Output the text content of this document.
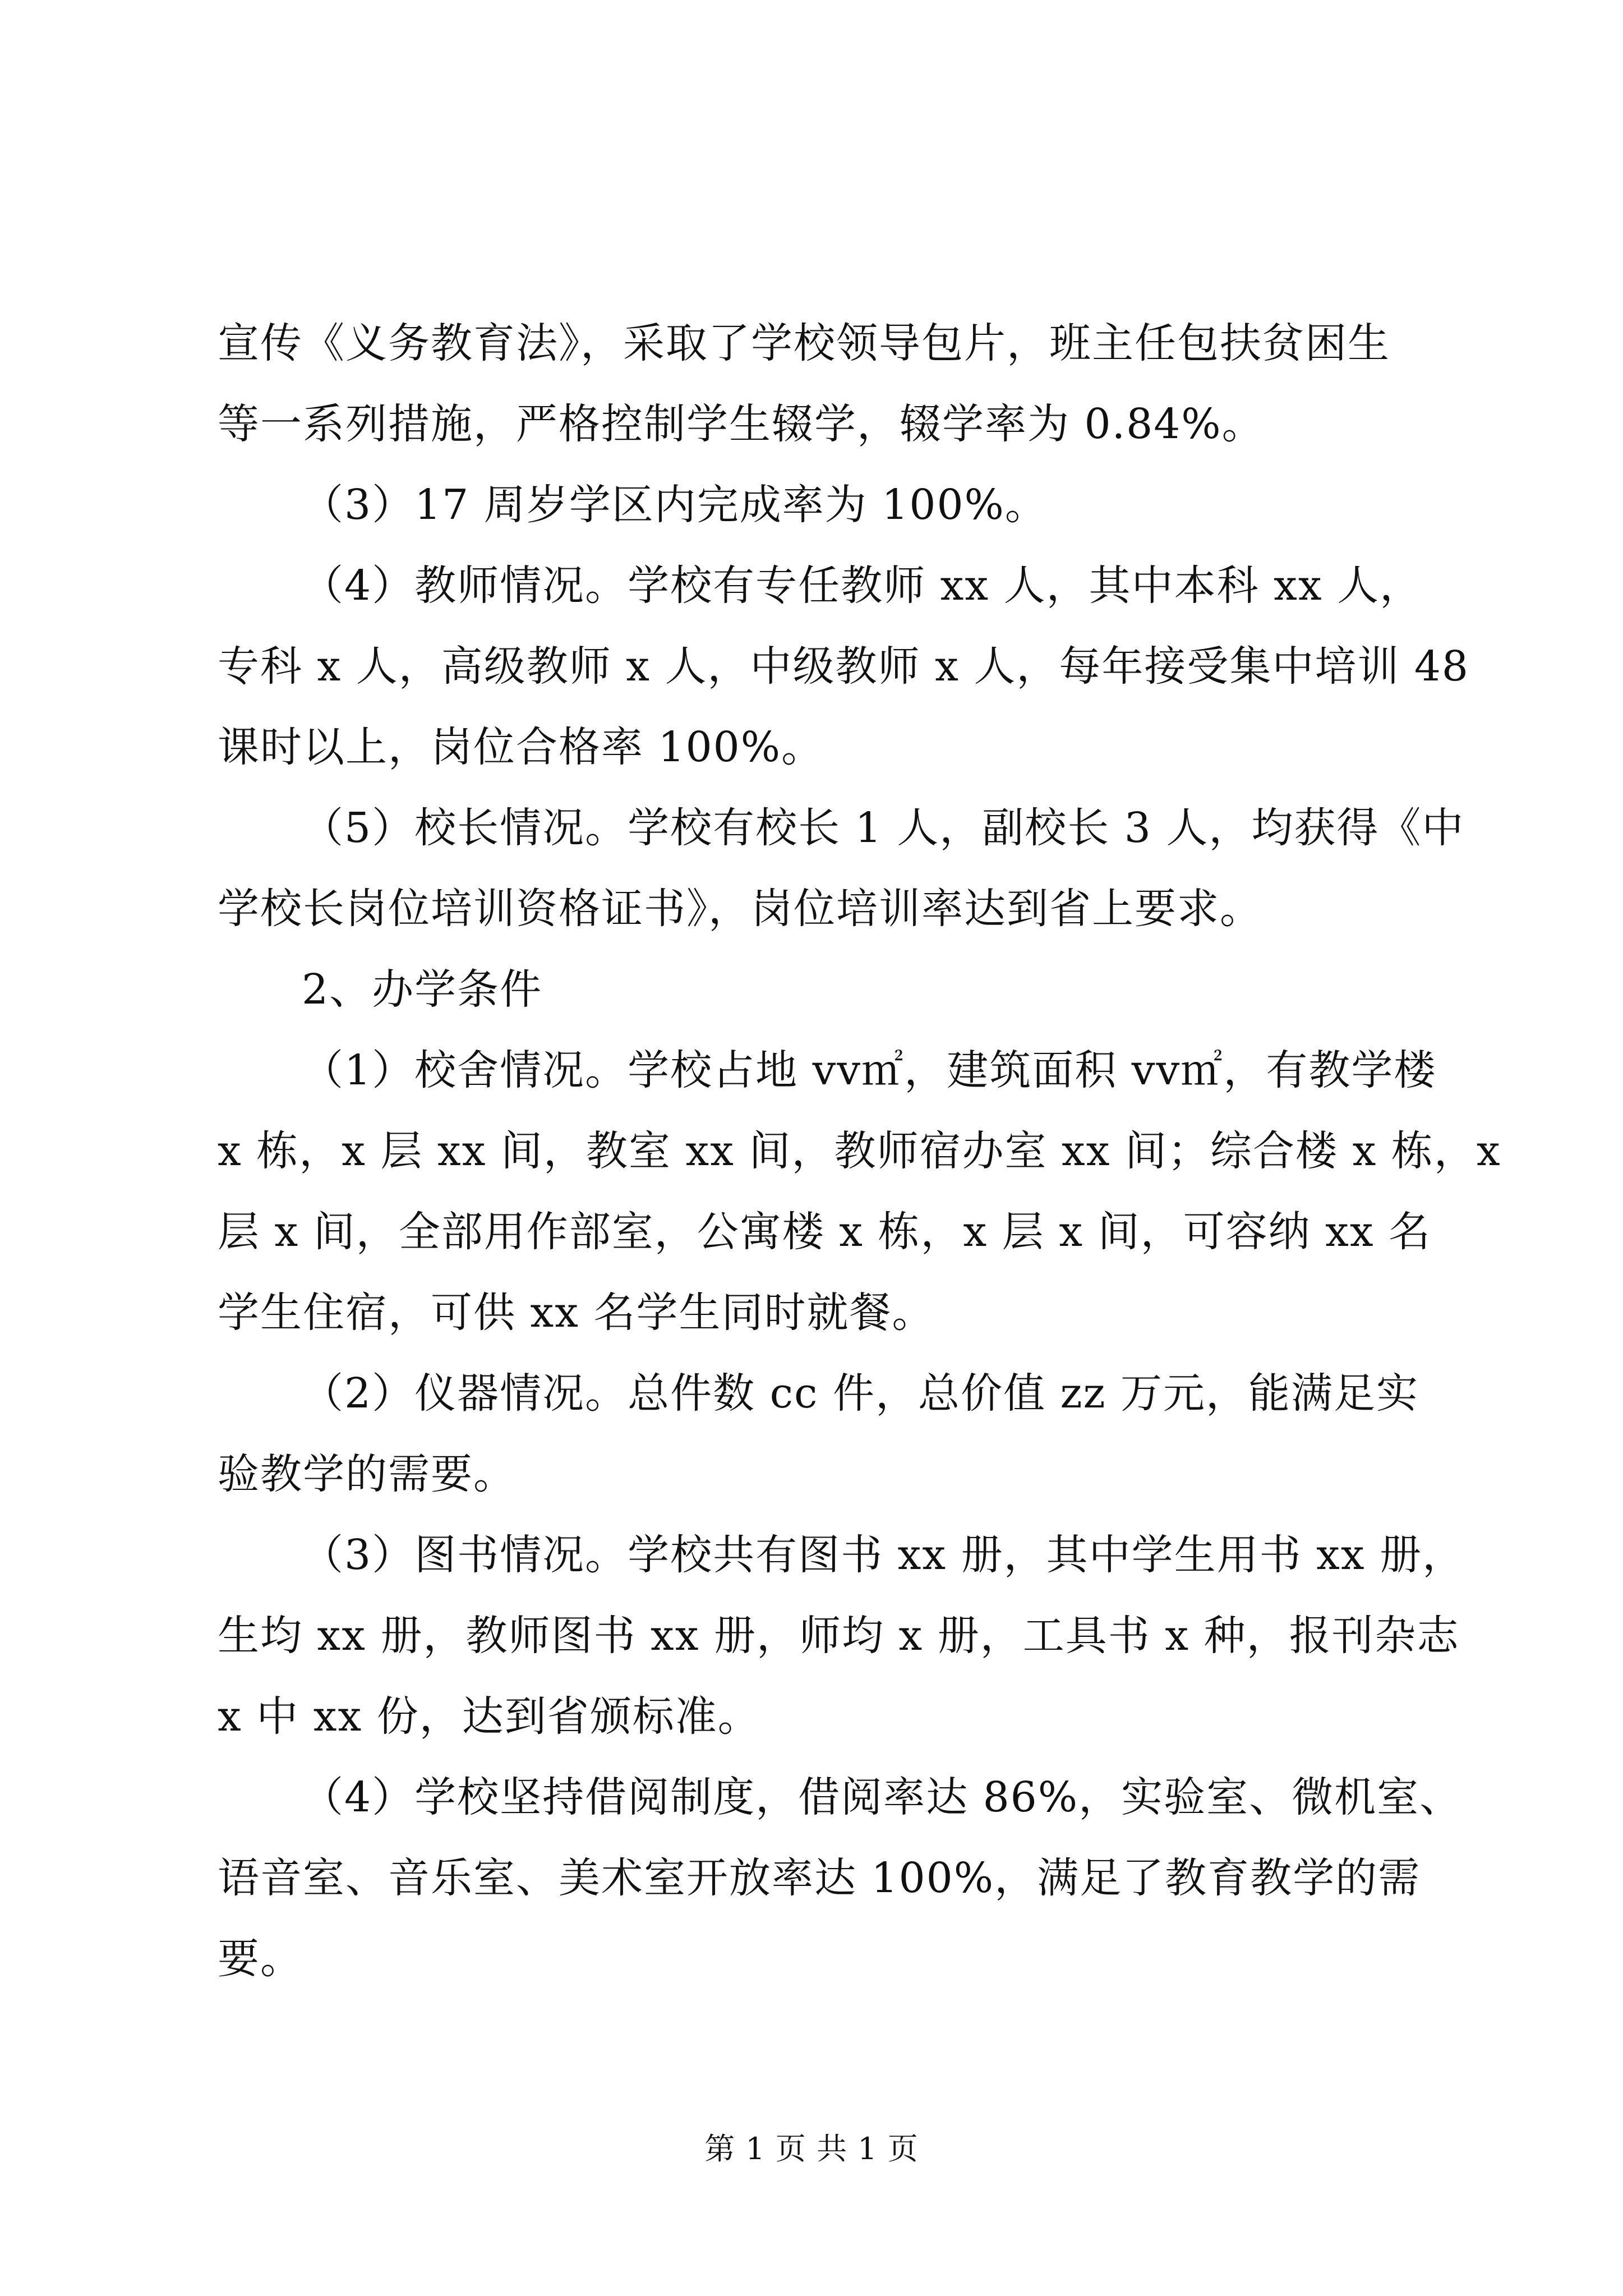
宣传《义务教育法》，采取了学校领导包片，班主任包扶贫困生
等一系列措施，严格控制学生辍学，辍学率为 0.84%。
（3）17 周岁学区内完成率为 100%。
（4）教师情况。学校有专任教师 xx 人，其中本科 xx 人，
专科 x 人，高级教师 x 人，中级教师 x 人，每年接受集中培训 48
课时以上，岗位合格率 100%。
（5）校长情况。学校有校长 1 人，副校长 3 人，均获得《中
学校长岗位培训资格证书》，岗位培训率达到省上要求。
2、办学条件
（1）校舍情况。学校占地 vv㎡，建筑面积 vv㎡，有教学楼
x 栋，x 层 xx 间，教室 xx 间，教师宿办室 xx 间；综合楼 x 栋，x
层 x 间，全部用作部室，公寓楼 x 栋，x 层 x 间，可容纳 xx 名
学生住宿，可供 xx 名学生同时就餐。
（2）仪器情况。总件数 cc 件，总价值 zz 万元，能满足实
验教学的需要。
（3）图书情况。学校共有图书 xx 册，其中学生用书 xx 册，
生均 xx 册，教师图书 xx 册，师均 x 册，工具书 x 种，报刊杂志
x 中 xx 份，达到省颁标准。
（4）学校坚持借阅制度，借阅率达 86%，实验室、微机室、
语音室、音乐室、美术室开放率达 100%，满足了教育教学的需
要。
第 1 页 共 1 页
